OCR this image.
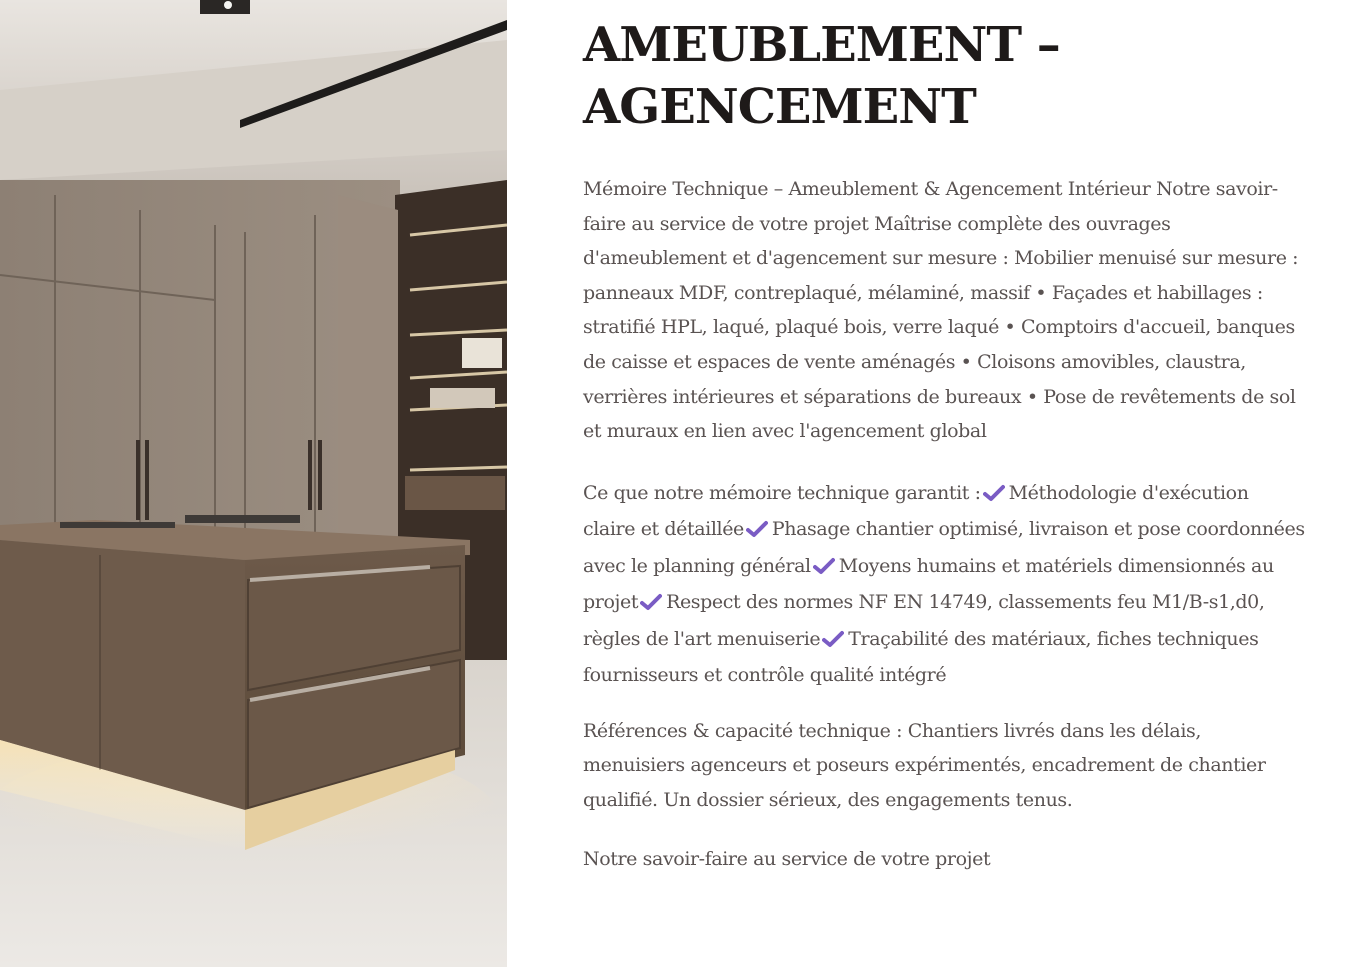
AMEUBLEMENT –
AGENCEMENT

Mémoire Technique – Ameublement & Agencement Intérieur Notre savoir-faire au service de votre projet Maîtrise complète des ouvrages d'ameublement et d'agencement sur mesure : Mobilier menuisé sur mesure : panneaux MDF, contreplaqué, mélaminé, massif • Façades et habillages : stratifié HPL, laqué, plaqué bois, verre laqué • Comptoirs d'accueil, banques de caisse et espaces de vente aménagés • Cloisons amovibles, claustra, verrières intérieures et séparations de bureaux • Pose de revêtements de sol et muraux en lien avec l'agencement global

Ce que notre mémoire technique garantit : Méthodologie d'exécution claire et détaillée Phasage chantier optimisé, livraison et pose coordonnées avec le planning général Moyens humains et matériels dimensionnés au projet Respect des normes NF EN 14749, classements feu M1/B-s1,d0, règles de l'art menuiserie Traçabilité des matériaux, fiches techniques fournisseurs et contrôle qualité intégré

Références & capacité technique : Chantiers livrés dans les délais, menuisiers agenceurs et poseurs expérimentés, encadrement de chantier qualifié. Un dossier sérieux, des engagements tenus.

Notre savoir-faire au service de votre projet
